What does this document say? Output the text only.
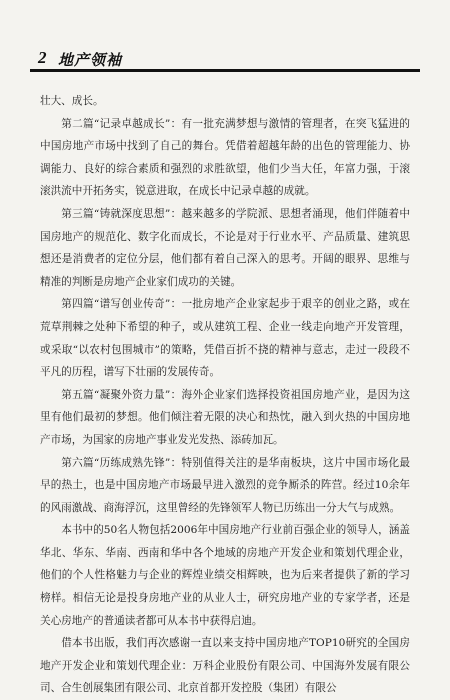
2 地产领袖

壮大、成长。

第二篇“记录卓越成长”：有一批充满梦想与激情的管理者，在突飞猛进的中国房地产市场中找到了自己的舞台。凭借着超越年龄的出色的管理能力、协调能力、良好的综合素质和强烈的求胜欲望，他们少当大任，年富力强，于滚滚洪流中开拓务实，锐意进取，在成长中记录卓越的成就。

第三篇“铸就深度思想”：越来越多的学院派、思想者涌现，他们伴随着中国房地产的规范化、数字化而成长，不论是对于行业水平、产品质量、建筑思想还是消费者的定位分层，他们都有着自己深入的思考。开阔的眼界、思维与精准的判断是房地产企业家们成功的关键。

第四篇“谱写创业传奇”：一批房地产企业家起步于艰辛的创业之路，或在荒草荆棘之处种下希望的种子，或从建筑工程、企业一线走向地产开发管理，或采取“以农村包围城市”的策略，凭借百折不挠的精神与意志，走过一段段不平凡的历程，谱写下壮丽的发展传奇。

第五篇“凝聚外资力量”：海外企业家们选择投资祖国房地产业，是因为这里有他们最初的梦想。他们倾注着无限的决心和热忱，融入到火热的中国房地产市场，为国家的房地产事业发光发热、添砖加瓦。

第六篇“历练成熟先锋”：特别值得关注的是华南板块，这片中国市场化最早的热土，也是中国房地产市场最早进入激烈的竞争厮杀的阵营。经过10余年的风雨激战、商海浮沉，这里曾经的先锋领军人物已历练出一分大气与成熟。

本书中的50名人物包括2006年中国房地产行业前百强企业的领导人，涵盖华北、华东、华南、西南和华中各个地域的房地产开发企业和策划代理企业，他们的个人性格魅力与企业的辉煌业绩交相辉映，也为后来者提供了新的学习榜样。相信无论是投身房地产业的从业人士，研究房地产业的专家学者，还是关心房地产的普通读者都可从本书中获得启迪。

借本书出版，我们再次感谢一直以来支持中国房地产TOP10研究的全国房地产开发企业和策划代理企业：万科企业股份有限公司、中国海外发展有限公司、合生创展集团有限公司、北京首都开发控股（集团）有限公
